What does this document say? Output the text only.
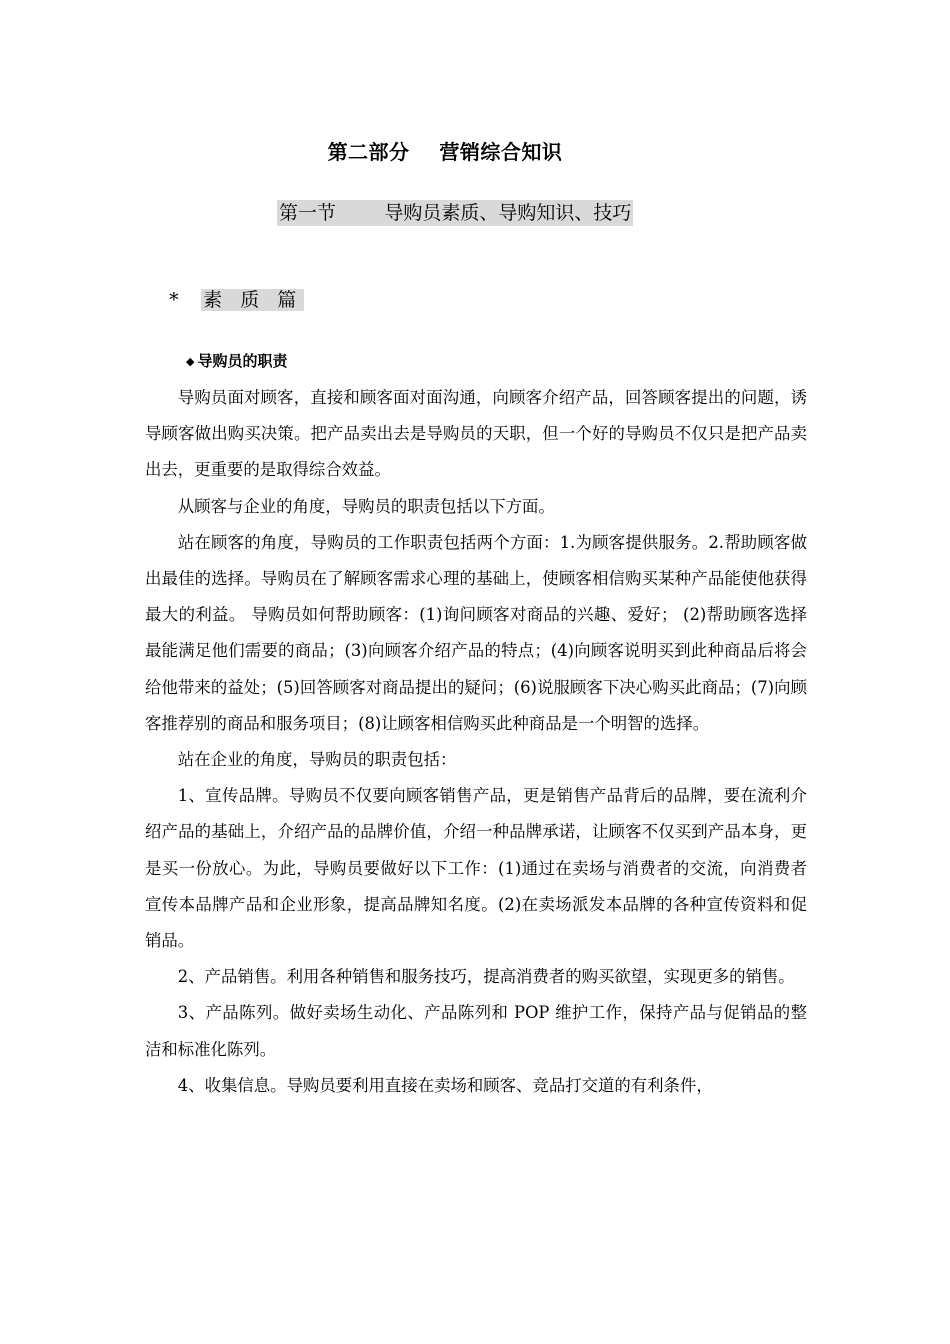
第二部分    营销综合知识
第一节        导购员素质、导购知识、技巧

* 素 质 篇

◆ 导购员的职责

导购员面对顾客，直接和顾客面对面沟通，向顾客介绍产品，回答顾客提出的问题，诱导顾客做出购买决策。把产品卖出去是导购员的天职，但一个好的导购员不仅只是把产品卖出去，更重要的是取得综合效益。

从顾客与企业的角度，导购员的职责包括以下方面。

站在顾客的角度，导购员的工作职责包括两个方面：1.为顾客提供服务。2.帮助顾客做出最佳的选择。导购员在了解顾客需求心理的基础上，使顾客相信购买某种产品能使他获得最大的利益。 导购员如何帮助顾客：(1)询问顾客对商品的兴趣、爱好； (2)帮助顾客选择最能满足他们需要的商品；(3)向顾客介绍产品的特点；(4)向顾客说明买到此种商品后将会给他带来的益处；(5)回答顾客对商品提出的疑问；(6)说服顾客下决心购买此商品；(7)向顾客推荐别的商品和服务项目；(8)让顾客相信购买此种商品是一个明智的选择。

站在企业的角度，导购员的职责包括：

1、宣传品牌。导购员不仅要向顾客销售产品，更是销售产品背后的品牌，要在流利介绍产品的基础上，介绍产品的品牌价值，介绍一种品牌承诺，让顾客不仅买到产品本身，更是买一份放心。为此，导购员要做好以下工作：(1)通过在卖场与消费者的交流，向消费者宣传本品牌产品和企业形象，提高品牌知名度。(2)在卖场派发本品牌的各种宣传资料和促销品。

2、产品销售。利用各种销售和服务技巧，提高消费者的购买欲望，实现更多的销售。

3、产品陈列。做好卖场生动化、产品陈列和 POP 维护工作，保持产品与促销品的整洁和标准化陈列。

4、收集信息。导购员要利用直接在卖场和顾客、竞品打交道的有利条件，
